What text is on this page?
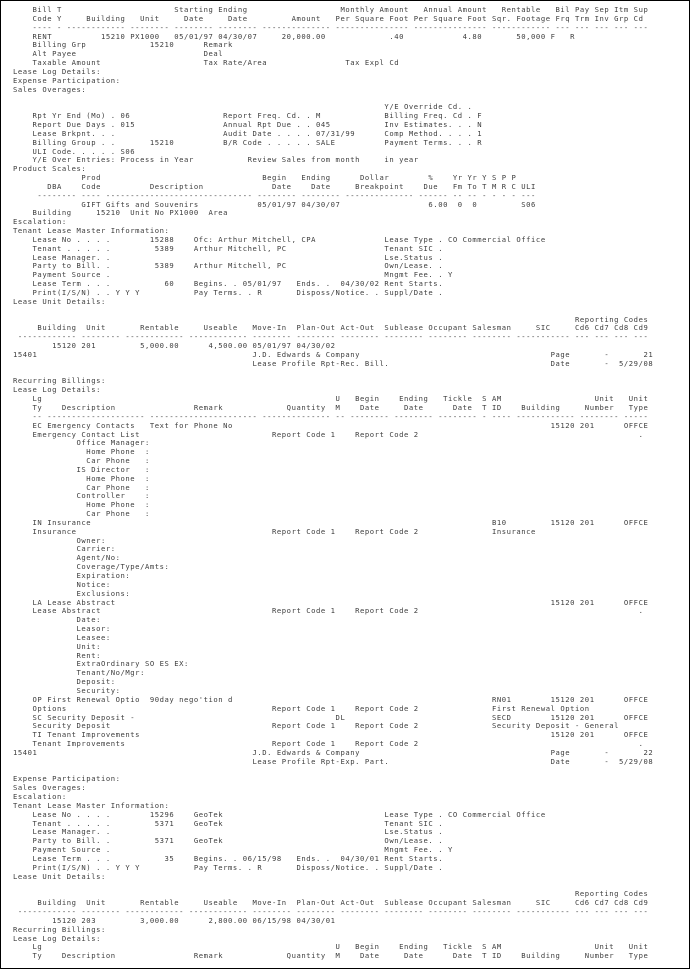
Bill T                       Starting Ending                   Monthly Amount   Annual Amount   Rentable   Bil Pay Sep Itm Sup
Code Y     Building   Unit     Date     Date         Amount   Per Square Foot Per Square Foot Sqr. Footage Frq Trm Inv Grp Cd
---- - ------------ -------- -------- -------- -------------- --------------- --------------- ------------ --- --- --- --- ---
RENT          15210 PX1000   05/01/97 04/30/07     20,000.00             .40            4.80       50,000 F   R
Billing Grp             15210      Remark
Alt Payee                          Deal
Taxable Amount                     Tax Rate/Area                Tax Expl Cd
Lease Log Details:
Expense Participation:
Sales Overages:

Y/E Override Cd. .
Rpt Yr End (Mo) . 06                   Report Freq. Cd. . M             Billing Freq. Cd . F
Report Due Days . 015                  Annual Rpt Due . . 045           Inv Estimates. . . N
Lease Brkpnt. . .                      Audit Date . . . . 07/31/99      Comp Method. . . . 1
Billing Group . .       15210          B/R Code . . . . . SALE          Payment Terms. . . R
ULI Code. . . . . S06
Y/E Over Entries: Process in Year           Review Sales from month     in year
Product Scales:
Prod                                 Begin   Ending      Dollar        %    Yr Yr Y S P P
DBA    Code          Description              Date    Date     Breakpoint    Due   Fm To T M R C ULI
-------- ---- ------------------------------ -------- -------- -------------- ------ -- -- - - - - ---
GIFT Gifts and Souvenirs            05/01/97 04/30/07                  6.00  0  0         S06
Building     15210  Unit No PX1000  Area
Escalation:
Tenant Lease Master Information:
Lease No . . . .        15288    Ofc: Arthur Mitchell, CPA              Lease Type . CO Commercial Office
Tenant . . . . .         5389    Arthur Mitchell, PC                    Tenant SIC .
Lease Manager. .                                                        Lse.Status .
Party to Bill. .         5389    Arthur Mitchell, PC                    Own/Lease. .
Payment Source .                                                        Mngmt Fee. . Y
Lease Term . . .           60    Begins. . 05/01/97   Ends. .  04/30/02 Rent Starts.
Print(I/S/N) . . Y Y Y           Pay Terms. . R       Disposs/Notice. . Suppl/Date .
Lease Unit Details:

Reporting Codes
Building  Unit       Rentable     Useable   Move-In  Plan-Out Act-Out  Sublease Occupant Salesman     SIC     Cd6 Cd7 Cd8 Cd9
------------ -------- ------------ ------------ -------- -------- -------- -------- -------- -------- ----------- --- --- --- ---
15120 201         5,000.00      4,500.00 05/01/97 04/30/02
15401                                            J.D. Edwards & Company                                       Page       -       21
Lease Profile Rpt-Rec. Bill.                                 Date       -  5/29/08

Recurring Billings:
Lease Log Details:
Lg                                                            U   Begin    Ending   Tickle  S AM                   Unit   Unit
Ty    Description                Remark             Quantity  M    Date     Date      Date  T ID    Building     Number   Type
-- -------------------- ---------------------- -------------- -- -------- -------- -------- - ---- ------------ -------- -----
EC Emergency Contacts   Text for Phone No                                                                 15120 201      OFFCE
Emergency Contact List                           Report Code 1    Report Code 2                                             .
Office Manager:
Home Phone  :
Car Phone   :
IS Director   :
Home Phone  :
Car Phone   :
Controller    :
Home Phone  :
Car Phone   :
IN Insurance                                                                                  B10         15120 201      OFFCE
Insurance                                        Report Code 1    Report Code 2               Insurance
Owner:
Carrier:
Agent/No:
Coverage/Type/Amts:
Expiration:
Notice:
Exclusions:
LA Lease Abstract                                                                                         15120 201      OFFCE
Lease Abstract                                   Report Code 1    Report Code 2                                             .
Date:
Leasor:
Leasee:
Unit:
Rent:
ExtraOrdinary SO ES EX:
Tenant/No/Mgr:
Deposit:
Security:
OP First Renewal Optio  90day nego'tion d                                                     RN01        15120 201      OFFCE
Options                                          Report Code 1    Report Code 2               First Renewal Option
SC Security Deposit -                                         DL                              SECD        15120 201      OFFCE
Security Deposit                                 Report Code 1    Report Code 2               Security Deposit - General
TI Tenant Improvements                                                                                    15120 201      OFFCE
Tenant Improvements                              Report Code 1    Report Code 2                                             .
15401                                            J.D. Edwards & Company                                       Page       -       22
Lease Profile Rpt-Exp. Part.                                 Date       -  5/29/08

Expense Participation:
Sales Overages:
Escalation:
Tenant Lease Master Information:
Lease No . . . .        15296    GeoTek                                 Lease Type . CO Commercial Office
Tenant . . . . .         5371    GeoTek                                 Tenant SIC .
Lease Manager. .                                                        Lse.Status .
Party to Bill. .         5371    GeoTek                                 Own/Lease. .
Payment Source .                                                        Mngmt Fee. . Y
Lease Term . . .           35    Begins. . 06/15/98   Ends. .  04/30/01 Rent Starts.
Print(I/S/N) . . Y Y Y           Pay Terms. . R       Disposs/Notice. . Suppl/Date .
Lease Unit Details:

Reporting Codes
Building  Unit       Rentable     Useable   Move-In  Plan-Out Act-Out  Sublease Occupant Salesman     SIC     Cd6 Cd7 Cd8 Cd9
------------ -------- ------------ ------------ -------- -------- -------- -------- -------- -------- ----------- --- --- --- ---
15120 203         3,000.00      2,800.00 06/15/98 04/30/01
Recurring Billings:
Lease Log Details:
Lg                                                            U   Begin    Ending   Tickle  S AM                   Unit   Unit
Ty    Description                Remark             Quantity  M    Date     Date      Date  T ID    Building     Number   Type
